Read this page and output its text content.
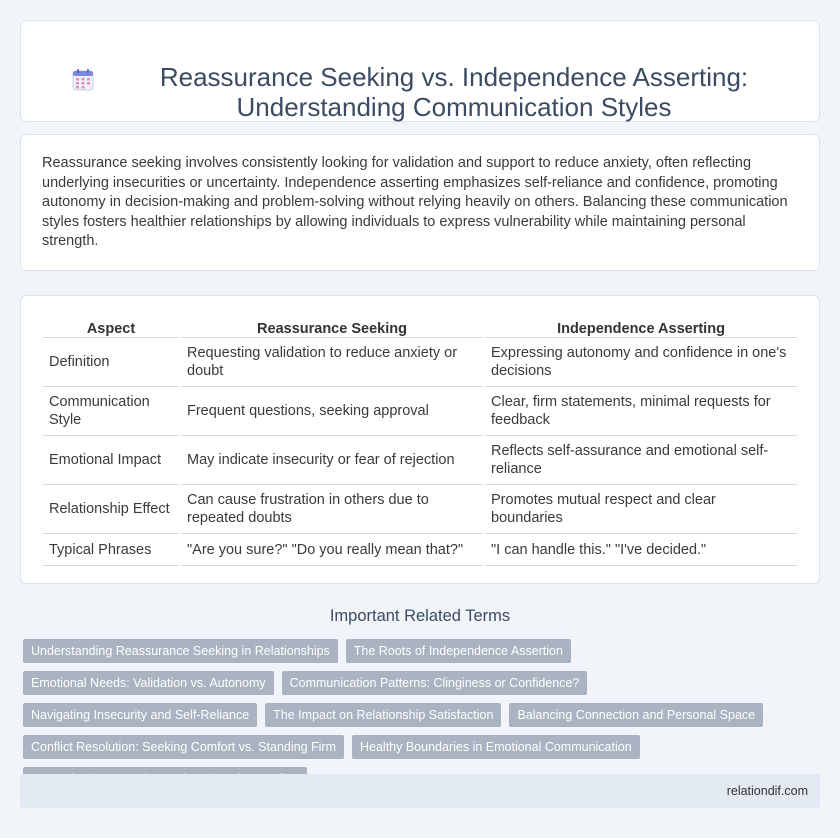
Reassurance Seeking vs. Independence Asserting: Understanding Communication Styles

Reassurance seeking involves consistently looking for validation and support to reduce anxiety, often reflecting underlying insecurities or uncertainty. Independence asserting emphasizes self-reliance and confidence, promoting autonomy in decision-making and problem-solving without relying heavily on others. Balancing these communication styles fosters healthier relationships by allowing individuals to express vulnerability while maintaining personal strength.

Aspect	Reassurance Seeking	Independence Asserting
Definition	Requesting validation to reduce anxiety or doubt	Expressing autonomy and confidence in one's decisions
Communication Style	Frequent questions, seeking approval	Clear, firm statements, minimal requests for feedback
Emotional Impact	May indicate insecurity or fear of rejection	Reflects self-assurance and emotional self-reliance
Relationship Effect	Can cause frustration in others due to repeated doubts	Promotes mutual respect and clear boundaries
Typical Phrases	"Are you sure?" "Do you really mean that?"	"I can handle this." "I've decided."
Important Related Terms
Understanding Reassurance Seeking in Relationships	The Roots of Independence Assertion
Emotional Needs: Validation vs. Autonomy	Communication Patterns: Clinginess or Confidence?
Navigating Insecurity and Self-Reliance	The Impact on Relationship Satisfaction	Balancing Connection and Personal Space
Conflict Resolution: Seeking Comfort vs. Standing Firm	Healthy Boundaries in Emotional Communication
relationdif.com
